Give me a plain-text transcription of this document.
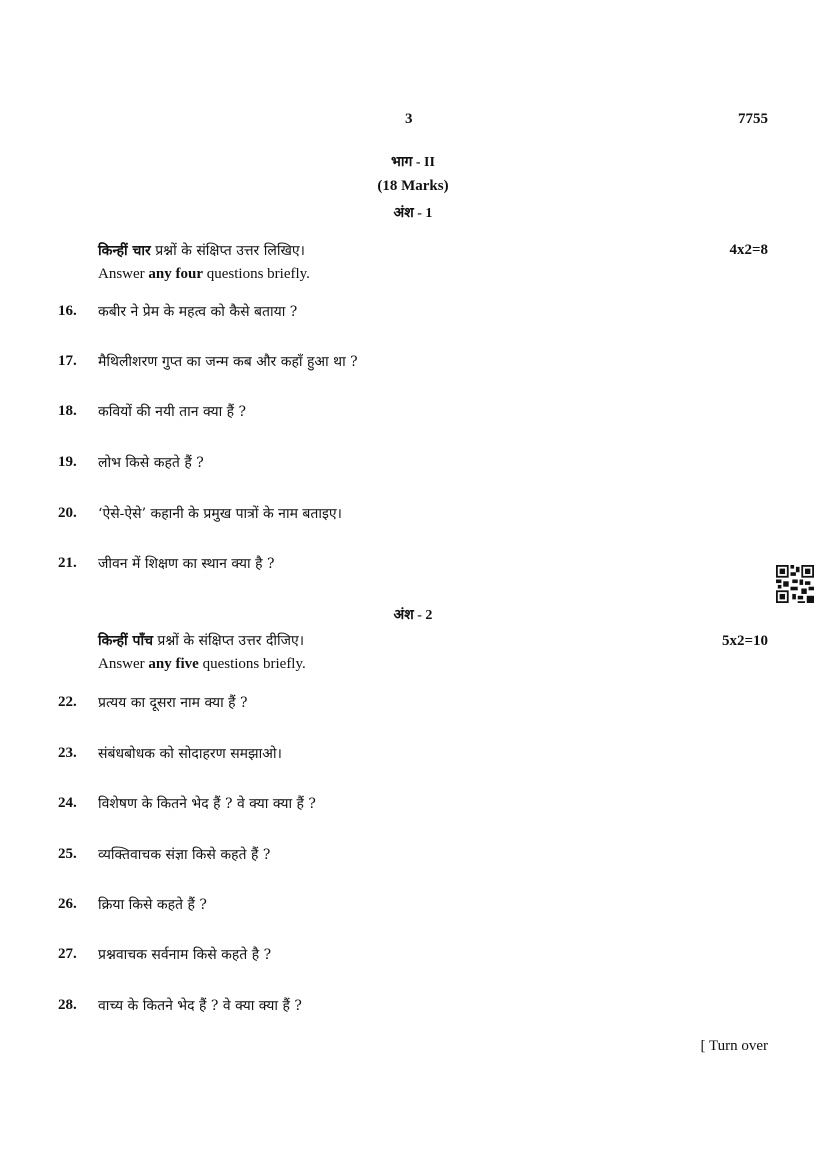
3	7755
भाग - II
(18 Marks)
अंश - 1
किन्हीं चार प्रश्नों के संक्षिप्त उत्तर लिखिए।	4x2=8
Answer any four questions briefly.
16.	कबीर ने प्रेम के महत्व को कैसे बताया ?
17.	मैथिलीशरण गुप्त का जन्म कब और कहाँ हुआ था ?
18.	कवियों की नयी तान क्या हैं ?
19.	लोभ किसे कहते हैं ?
20.	‘ऐसे-ऐसे’ कहानी के प्रमुख पात्रों के नाम बताइए।
21.	जीवन में शिक्षण का स्थान क्या है ?
अंश - 2
किन्हीं पाँच प्रश्नों के संक्षिप्त उत्तर दीजिए।	5x2=10
Answer any five questions briefly.
22.	प्रत्यय का दूसरा नाम क्या हैं ?
23.	संबंधबोधक को सोदाहरण समझाओ।
24.	विशेषण के कितने भेद हैं ? वे क्या क्या हैं ?
25.	व्यक्तिवाचक संज्ञा किसे कहते हैं ?
26.	क्रिया किसे कहते हैं ?
27.	प्रश्नवाचक सर्वनाम किसे कहते है ?
28.	वाच्य के कितने भेद हैं ? वे क्या क्या हैं ?
[ Turn over
